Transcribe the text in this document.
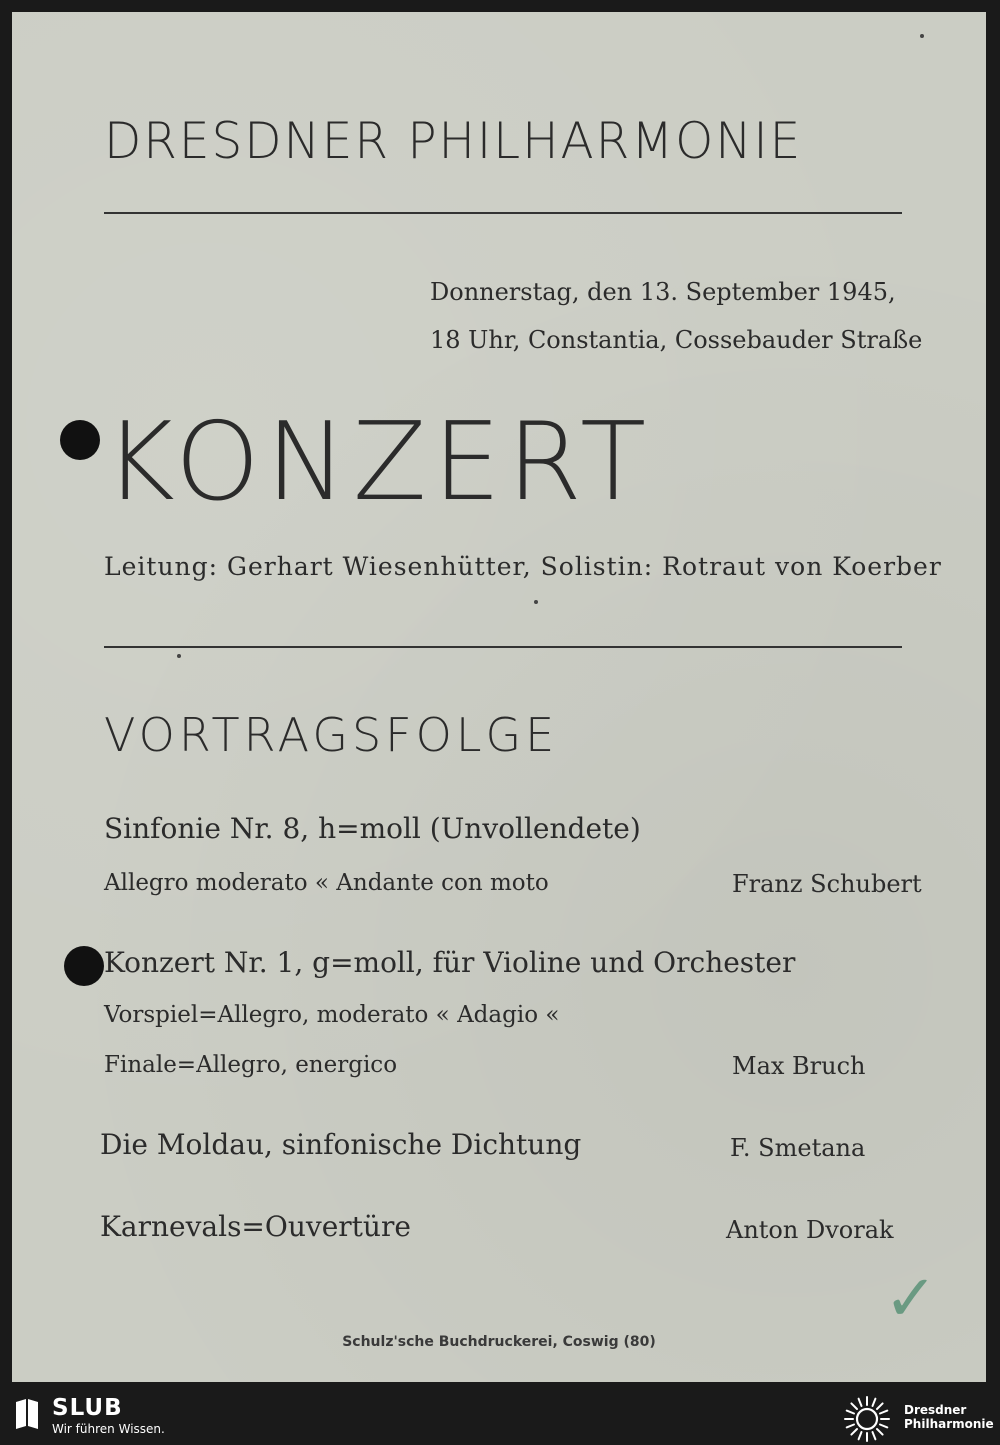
DRESDNER PHILHARMONIE
Donnerstag, den 13. September 1945,
18 Uhr, Constantia, Cossebauder Straße
KONZERT
Leitung: Gerhart Wiesenhütter, Solistin: Rotraut von Koerber
VORTRAGSFOLGE
Sinfonie Nr. 8, h=moll (Unvollendete)
Allegro moderato « Andante con moto	Franz Schubert
Konzert Nr. 1, g=moll, für Violine und Orchester
Vorspiel=Allegro, moderato « Adagio «
Finale=Allegro, energico	Max Bruch
Die Moldau, sinfonische Dichtung	F. Smetana
Karnevals=Ouvertüre	Anton Dvorak
✓
Schulz'sche Buchdruckerei, Coswig (80)
SLUB
Wir führen Wissen.
Dresdner
Philharmonie
